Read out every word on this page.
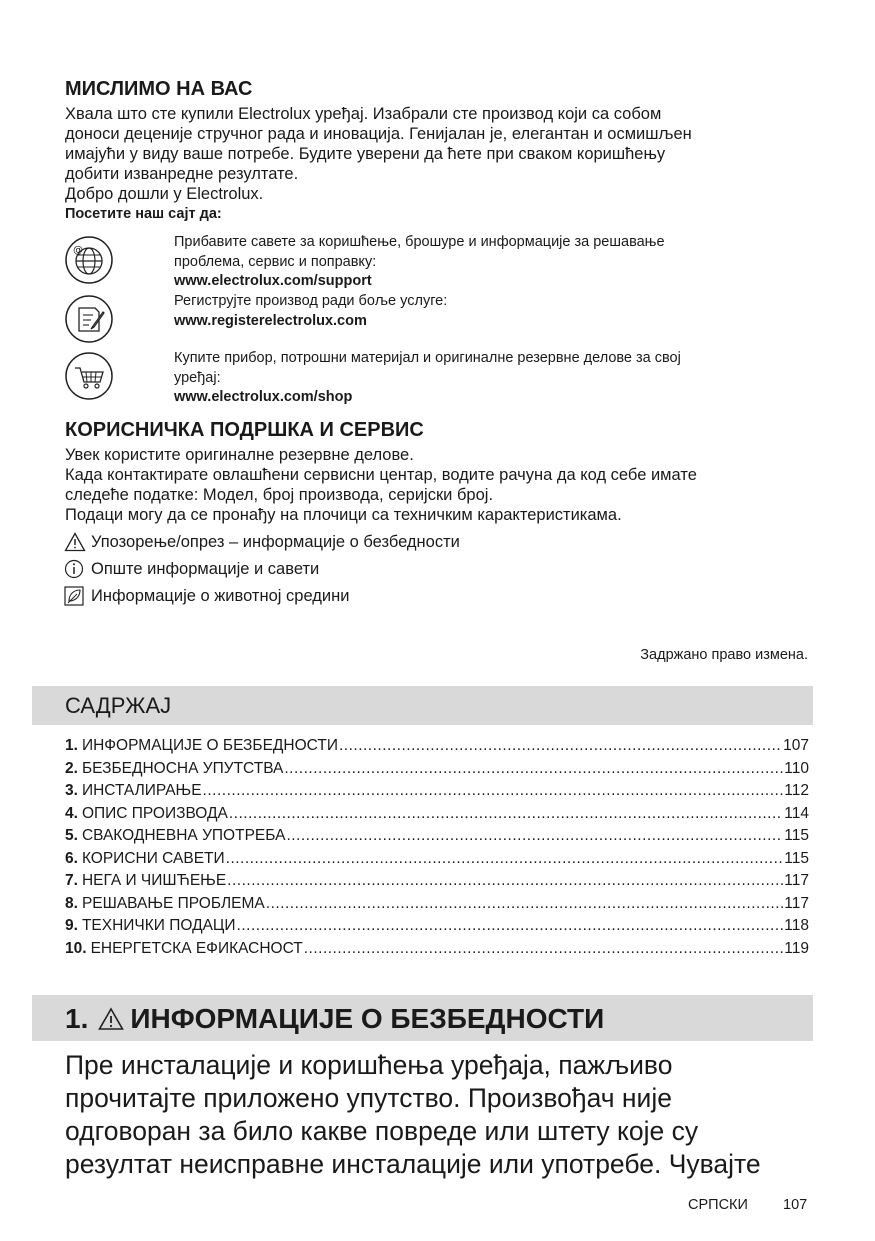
МИСЛИМО НА ВАС
Хвала што сте купили Electrolux уређај. Изабрали сте производ који са собом
доноси деценије стручног рада и иновација. Генијалан је, елегантан и осмишљен
имајући у виду ваше потребе. Будите уверени да ћете при сваком коришћењу
добити изванредне резултате.
Добро дошли у Electrolux.
Посетите наш сајт да:
@
Прибавите савете за коришћење, брошуре и информације за решавање
проблема, сервис и поправку:
www.electrolux.com/support
Региструјте производ ради боље услуге:
www.registerelectrolux.com
Купите прибор, потрошни материјал и оригиналне резервне делове за свој
уређај:
www.electrolux.com/shop
КОРИСНИЧКА ПОДРШКА И СЕРВИС
Увек користите оригиналне резервне делове.
Када контактирате овлашћени сервисни центар, водите рачуна да код себе имате
следеће податке: Модел, број производа, серијски број.
Подаци могу да се пронађу на плочици са техничким карактеристикама.
Упозорење/опрез – информације о безбедности
Опште информације и савети
Информације о животној средини
Задржано право измена.
САДРЖАЈ
1. ИНФОРМАЦИЈЕ О БЕЗБЕДНОСТИ .....	107
2. БЕЗБЕДНОСНА УПУТСТВА .....	110
3. ИНСТАЛИРАЊЕ .....	112
4. ОПИС ПРОИЗВОДА .....	114
5. СВАКОДНЕВНА УПОТРЕБА .....	115
6. КОРИСНИ САВЕТИ .....	115
7. НЕГА И ЧИШЋЕЊЕ .....	117
8. РЕШАВАЊЕ ПРОБЛЕМА .....	117
9. ТЕХНИЧКИ ПОДАЦИ .....	118
10. ЕНЕРГЕТСКА ЕФИКАСНОСТ .....	119
1. ИНФОРМАЦИЈЕ О БЕЗБЕДНОСТИ
Пре инсталације и коришћења уређаја, пажљиво
прочитајте приложено упутство. Произвођач није
одговоран за било какве повреде или штету које су
резултат неисправне инсталације или употребе. Чувајте
СРПСКИ 107
